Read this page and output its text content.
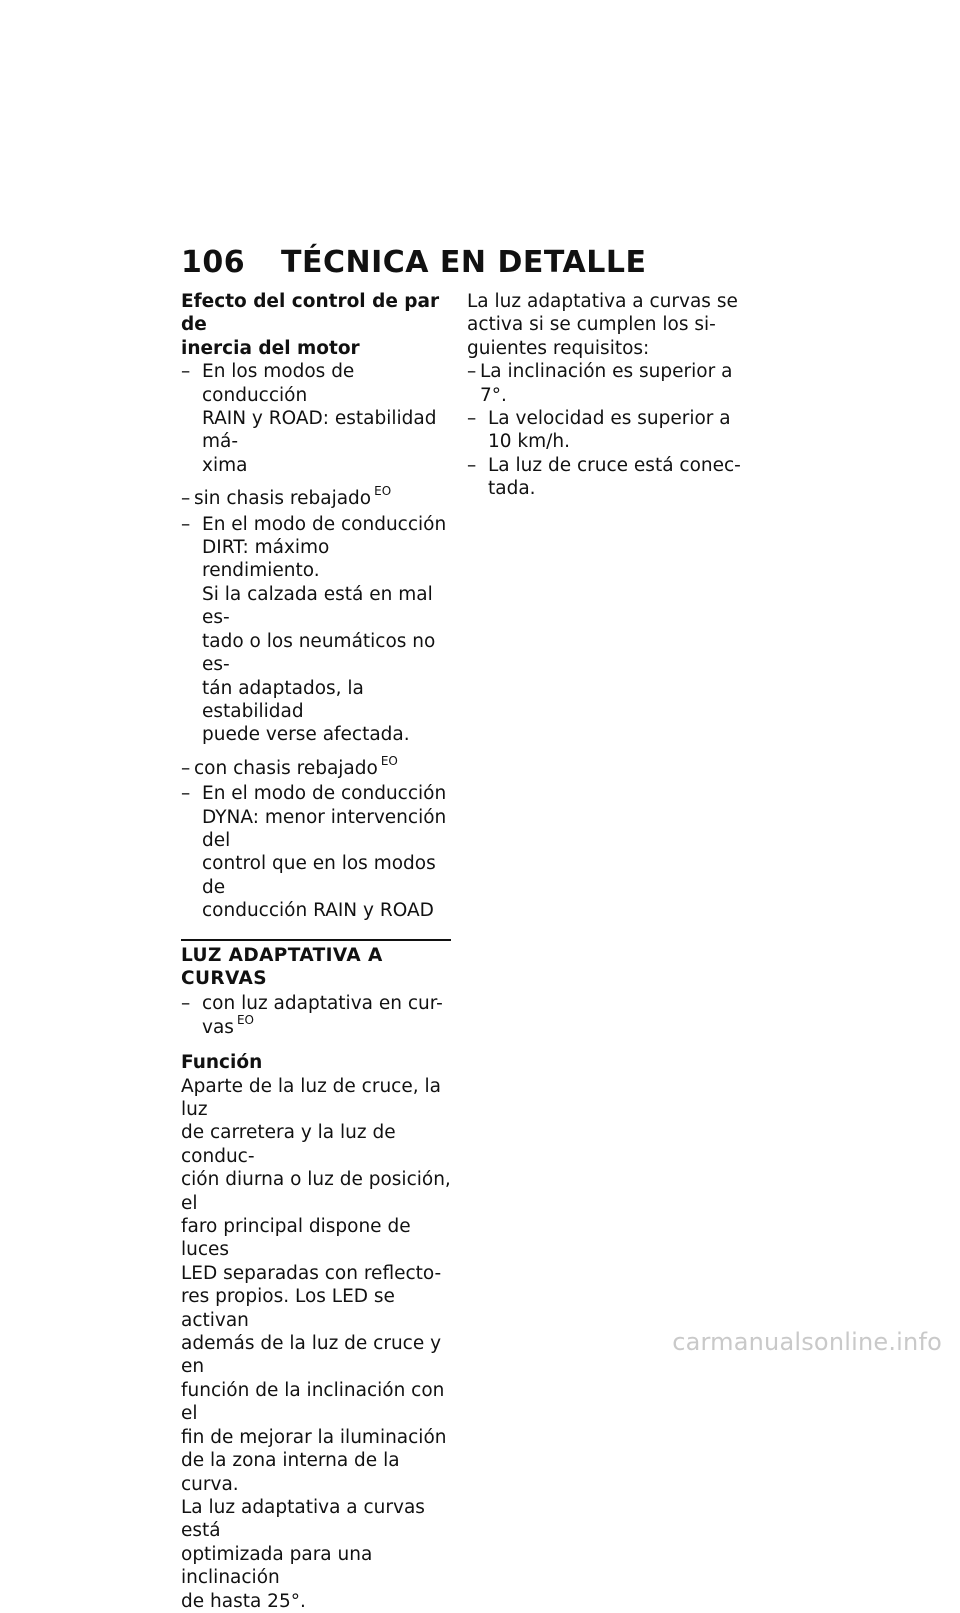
106	TÉCNICA EN DETALLE
Efecto del control de par de
inercia del motor
– En los modos de conducción
RAIN y ROAD: estabilidad má-
xima
– sin chasis rebajado $^{EO}$
– En el modo de conducción
DIRT: máximo rendimiento.
Si la calzada está en mal es-
tado o los neumáticos no es-
tán adaptados, la estabilidad
puede verse afectada.
– con chasis rebajado $^{EO}$
– En el modo de conducción
DYNA: menor intervención del
control que en los modos de
conducción RAIN y ROAD
LUZ ADAPTATIVA A CURVAS
– con luz adaptativa en cur-
vas $^{EO}$
Función
Aparte de la luz de cruce, la luz
de carretera y la luz de conduc-
ción diurna o luz de posición, el
faro principal dispone de luces
LED separadas con reflecto-
res propios. Los LED se activan
además de la luz de cruce y en
función de la inclinación con el
fin de mejorar la iluminación
de la zona interna de la curva.
La luz adaptativa a curvas está
optimizada para una inclinación
de hasta 25°.
La luz adaptativa a curvas se
activa si se cumplen los si-
guientes requisitos:
– La inclinación es superior a 7°.
– La velocidad es superior a
10 km/h.
– La luz de cruce está conec-
tada.
carmanualsonline.info
